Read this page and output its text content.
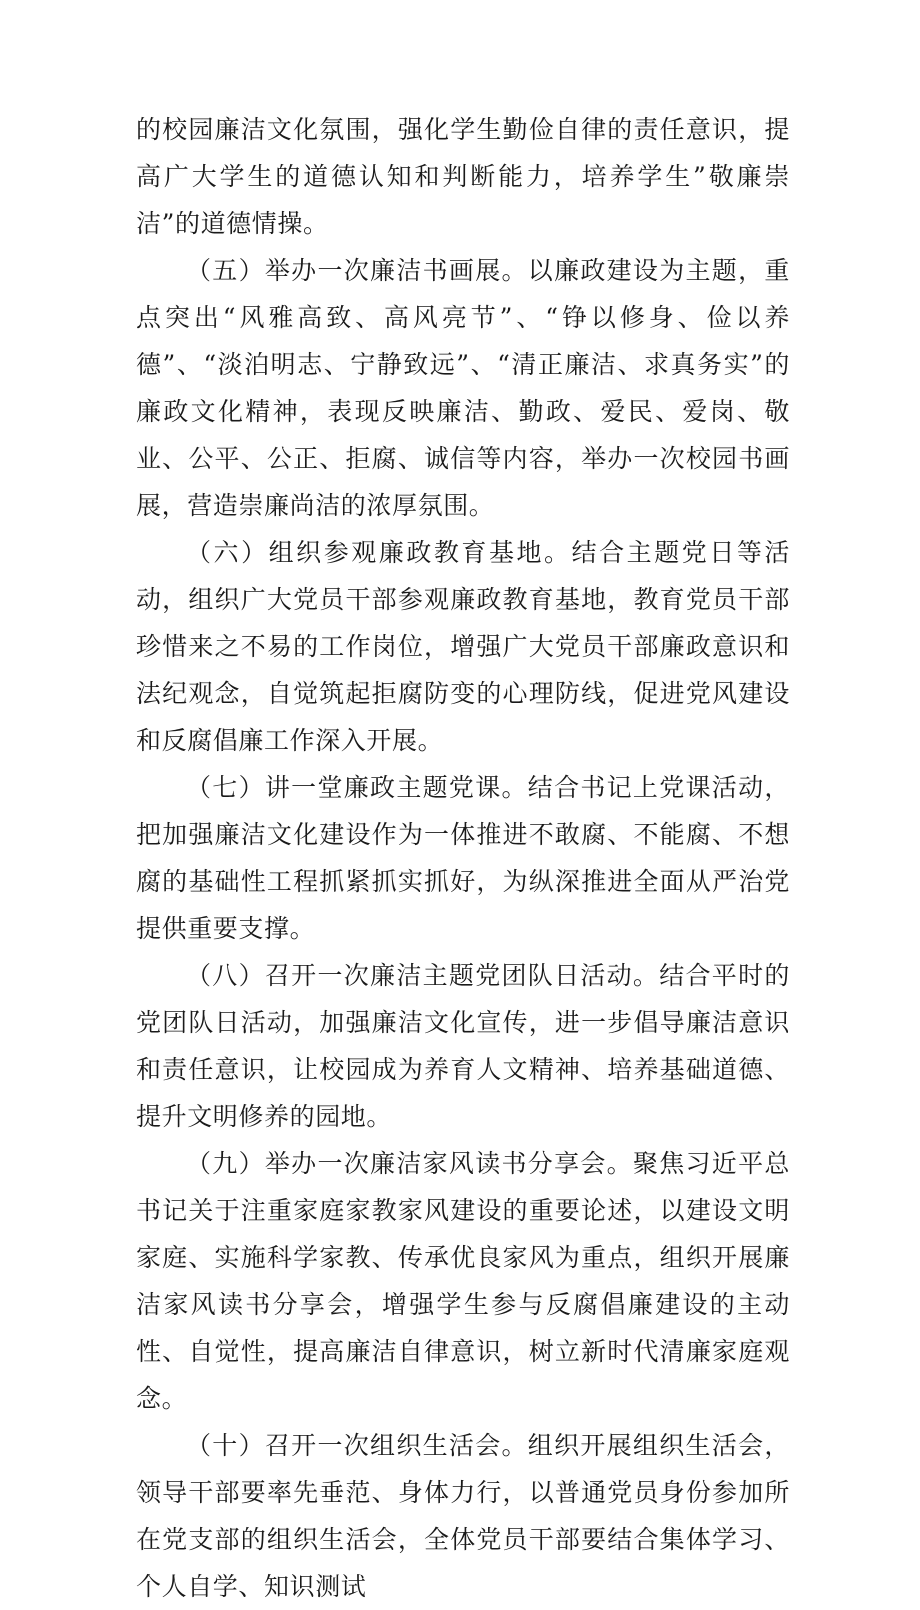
的校园廉洁文化氛围，强化学生勤俭自律的责任意识，提高广大学生的道德认知和判断能力，培养学生”敬廉崇洁”的道德情操。

（五）举办一次廉洁书画展。以廉政建设为主题，重点突出“风雅高致、高风亮节”、“铮以修身、俭以养德”、“淡泊明志、宁静致远”、“清正廉洁、求真务实”的廉政文化精神，表现反映廉洁、勤政、爱民、爱岗、敬业、公平、公正、拒腐、诚信等内容，举办一次校园书画展，营造崇廉尚洁的浓厚氛围。

（六）组织参观廉政教育基地。结合主题党日等活动，组织广大党员干部参观廉政教育基地，教育党员干部珍惜来之不易的工作岗位，增强广大党员干部廉政意识和法纪观念，自觉筑起拒腐防变的心理防线，促进党风建设和反腐倡廉工作深入开展。

（七）讲一堂廉政主题党课。结合书记上党课活动，把加强廉洁文化建设作为一体推进不敢腐、不能腐、不想腐的基础性工程抓紧抓实抓好，为纵深推进全面从严治党提供重要支撑。

（八）召开一次廉洁主题党团队日活动。结合平时的党团队日活动，加强廉洁文化宣传，进一步倡导廉洁意识和责任意识，让校园成为养育人文精神、培养基础道德、提升文明修养的园地。

（九）举办一次廉洁家风读书分享会。聚焦习近平总书记关于注重家庭家教家风建设的重要论述，以建设文明家庭、实施科学家教、传承优良家风为重点，组织开展廉洁家风读书分享会，增强学生参与反腐倡廉建设的主动性、自觉性，提高廉洁自律意识，树立新时代清廉家庭观念。

（十）召开一次组织生活会。组织开展组织生活会，领导干部要率先垂范、身体力行，以普通党员身份参加所在党支部的组织生活会，全体党员干部要结合集体学习、个人自学、知识测试
